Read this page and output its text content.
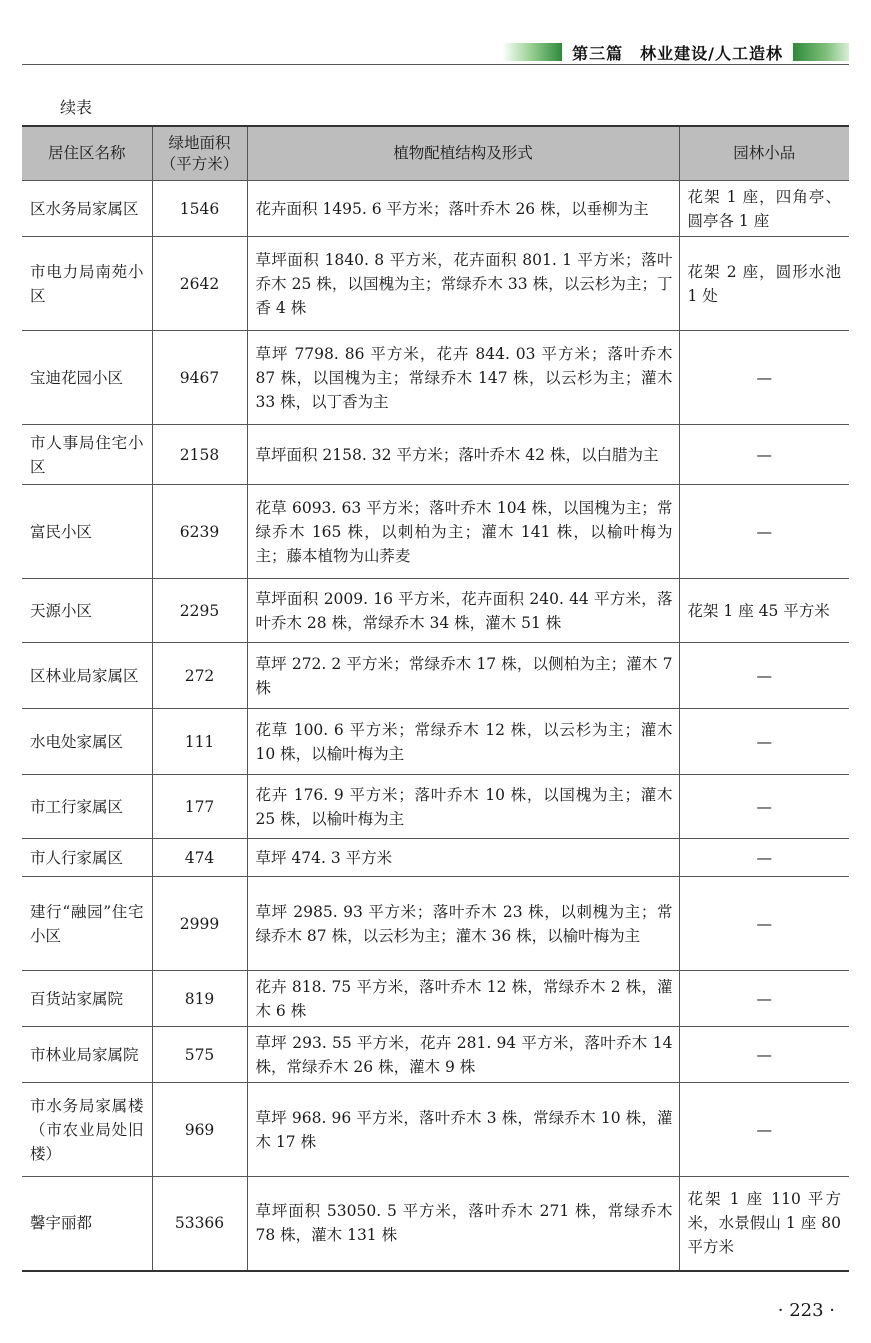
第三篇　林业建设/人工造林
续表
居住区名称	绿地面积（平方米）	植物配植结构及形式	园林小品
区水务局家属区	1546	花卉面积 1495. 6 平方米；落叶乔木 26 株，以垂柳为主	花架 1 座，四角亭、圆亭各 1 座
市电力局南苑小区	2642	草坪面积 1840. 8 平方米，花卉面积 801. 1 平方米；落叶乔木 25 株，以国槐为主；常绿乔木 33 株，以云杉为主；丁香 4 株	花架 2 座，圆形水池 1 处
宝迪花园小区	9467	草坪 7798. 86 平方米，花卉 844. 03 平方米；落叶乔木 87 株，以国槐为主；常绿乔木 147 株，以云杉为主；灌木 33 株，以丁香为主	—
市人事局住宅小区	2158	草坪面积 2158. 32 平方米；落叶乔木 42 株，以白腊为主	—
富民小区	6239	花草 6093. 63 平方米；落叶乔木 104 株，以国槐为主；常绿乔木 165 株，以刺柏为主；灌木 141 株，以榆叶梅为主；藤本植物为山荞麦	—
天源小区	2295	草坪面积 2009. 16 平方米，花卉面积 240. 44 平方米，落叶乔木 28 株，常绿乔木 34 株，灌木 51 株	花架 1 座 45 平方米
区林业局家属区	272	草坪 272. 2 平方米；常绿乔木 17 株，以侧柏为主；灌木 7 株	—
水电处家属区	111	花草 100. 6 平方米；常绿乔木 12 株，以云杉为主；灌木 10 株，以榆叶梅为主	—
市工行家属区	177	花卉 176. 9 平方米；落叶乔木 10 株，以国槐为主；灌木 25 株，以榆叶梅为主	—
市人行家属区	474	草坪 474. 3 平方米	—
建行“融园”住宅小区	2999	草坪 2985. 93 平方米；落叶乔木 23 株，以刺槐为主；常绿乔木 87 株，以云杉为主；灌木 36 株，以榆叶梅为主	—
百货站家属院	819	花卉 818. 75 平方米，落叶乔木 12 株，常绿乔木 2 株，灌木 6 株	—
市林业局家属院	575	草坪 293. 55 平方米，花卉 281. 94 平方米，落叶乔木 14 株，常绿乔木 26 株，灌木 9 株	—
市水务局家属楼（市农业局处旧楼）	969	草坪 968. 96 平方米，落叶乔木 3 株，常绿乔木 10 株，灌木 17 株	—
馨宇丽都	53366	草坪面积 53050. 5 平方米，落叶乔木 271 株，常绿乔木 78 株，灌木 131 株	花架 1 座 110 平方米，水景假山 1 座 80 平方米
· 223 ·
